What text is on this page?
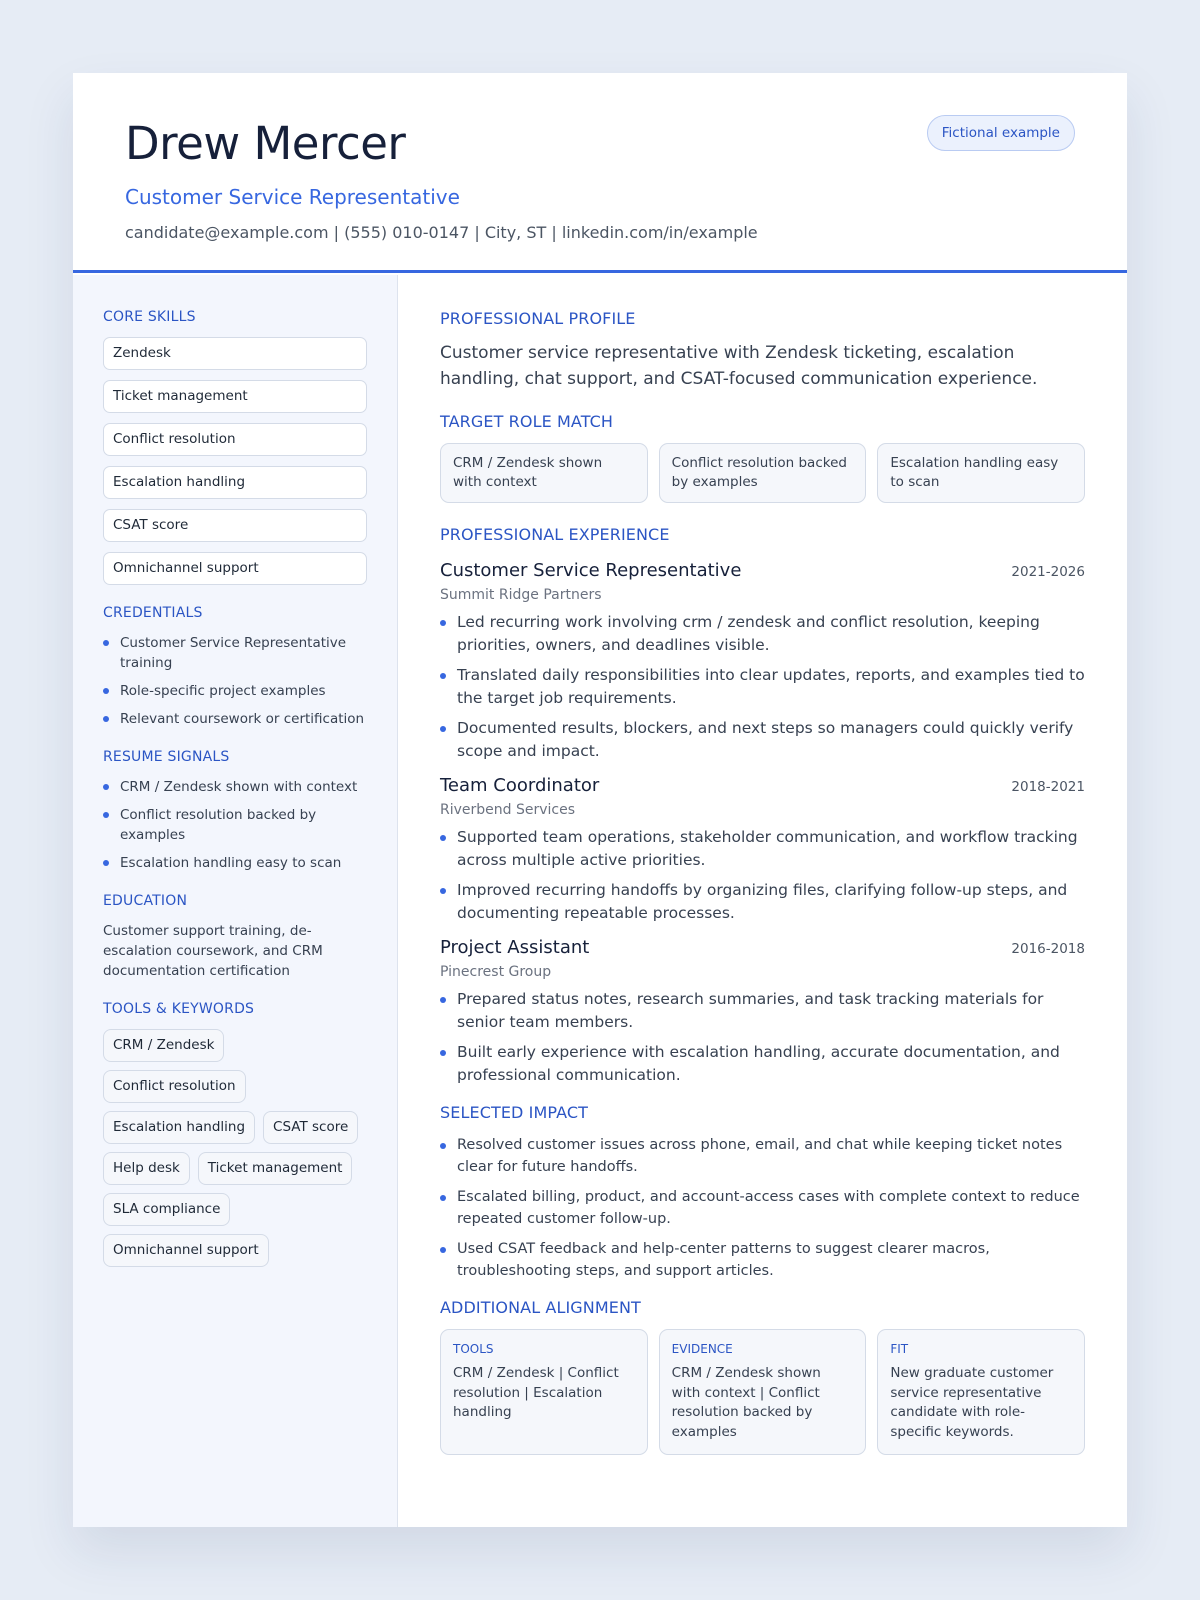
Drew Mercer
Customer Service Representative
candidate@example.com | (555) 010-0147 | City, ST | linkedin.com/in/example
Fictional example
CORE SKILLS
Zendesk
Ticket management
Conflict resolution
Escalation handling
CSAT score
Omnichannel support
CREDENTIALS
Customer Service Representative training
Role-specific project examples
Relevant coursework or certification
RESUME SIGNALS
CRM / Zendesk shown with context
Conflict resolution backed by examples
Escalation handling easy to scan
EDUCATION

Customer support training, de-escalation coursework, and CRM documentation certification

TOOLS & KEYWORDS
CRM / Zendesk
Conflict resolution
Escalation handling	CSAT score
Help desk	Ticket management
SLA compliance
Omnichannel support
PROFESSIONAL PROFILE

Customer service representative with Zendesk ticketing, escalation handling, chat support, and CSAT-focused communication experience.

TARGET ROLE MATCH
CRM / Zendesk shown with context
Conflict resolution backed by examples
Escalation handling easy to scan
PROFESSIONAL EXPERIENCE
Customer Service Representative	2021-2026
Summit Ridge Partners
Led recurring work involving crm / zendesk and conflict resolution, keeping priorities, owners, and deadlines visible.
Translated daily responsibilities into clear updates, reports, and examples tied to the target job requirements.
Documented results, blockers, and next steps so managers could quickly verify scope and impact.
Team Coordinator	2018-2021
Riverbend Services
Supported team operations, stakeholder communication, and workflow tracking across multiple active priorities.
Improved recurring handoffs by organizing files, clarifying follow-up steps, and documenting repeatable processes.
Project Assistant	2016-2018
Pinecrest Group
Prepared status notes, research summaries, and task tracking materials for senior team members.
Built early experience with escalation handling, accurate documentation, and professional communication.
SELECTED IMPACT
Resolved customer issues across phone, email, and chat while keeping ticket notes clear for future handoffs.
Escalated billing, product, and account-access cases with complete context to reduce repeated customer follow-up.
Used CSAT feedback and help-center patterns to suggest clearer macros, troubleshooting steps, and support articles.
ADDITIONAL ALIGNMENT
TOOLS
CRM / Zendesk | Conflict resolution | Escalation handling
EVIDENCE
CRM / Zendesk shown with context | Conflict resolution backed by examples
FIT
New graduate customer service representative candidate with role-specific keywords.
